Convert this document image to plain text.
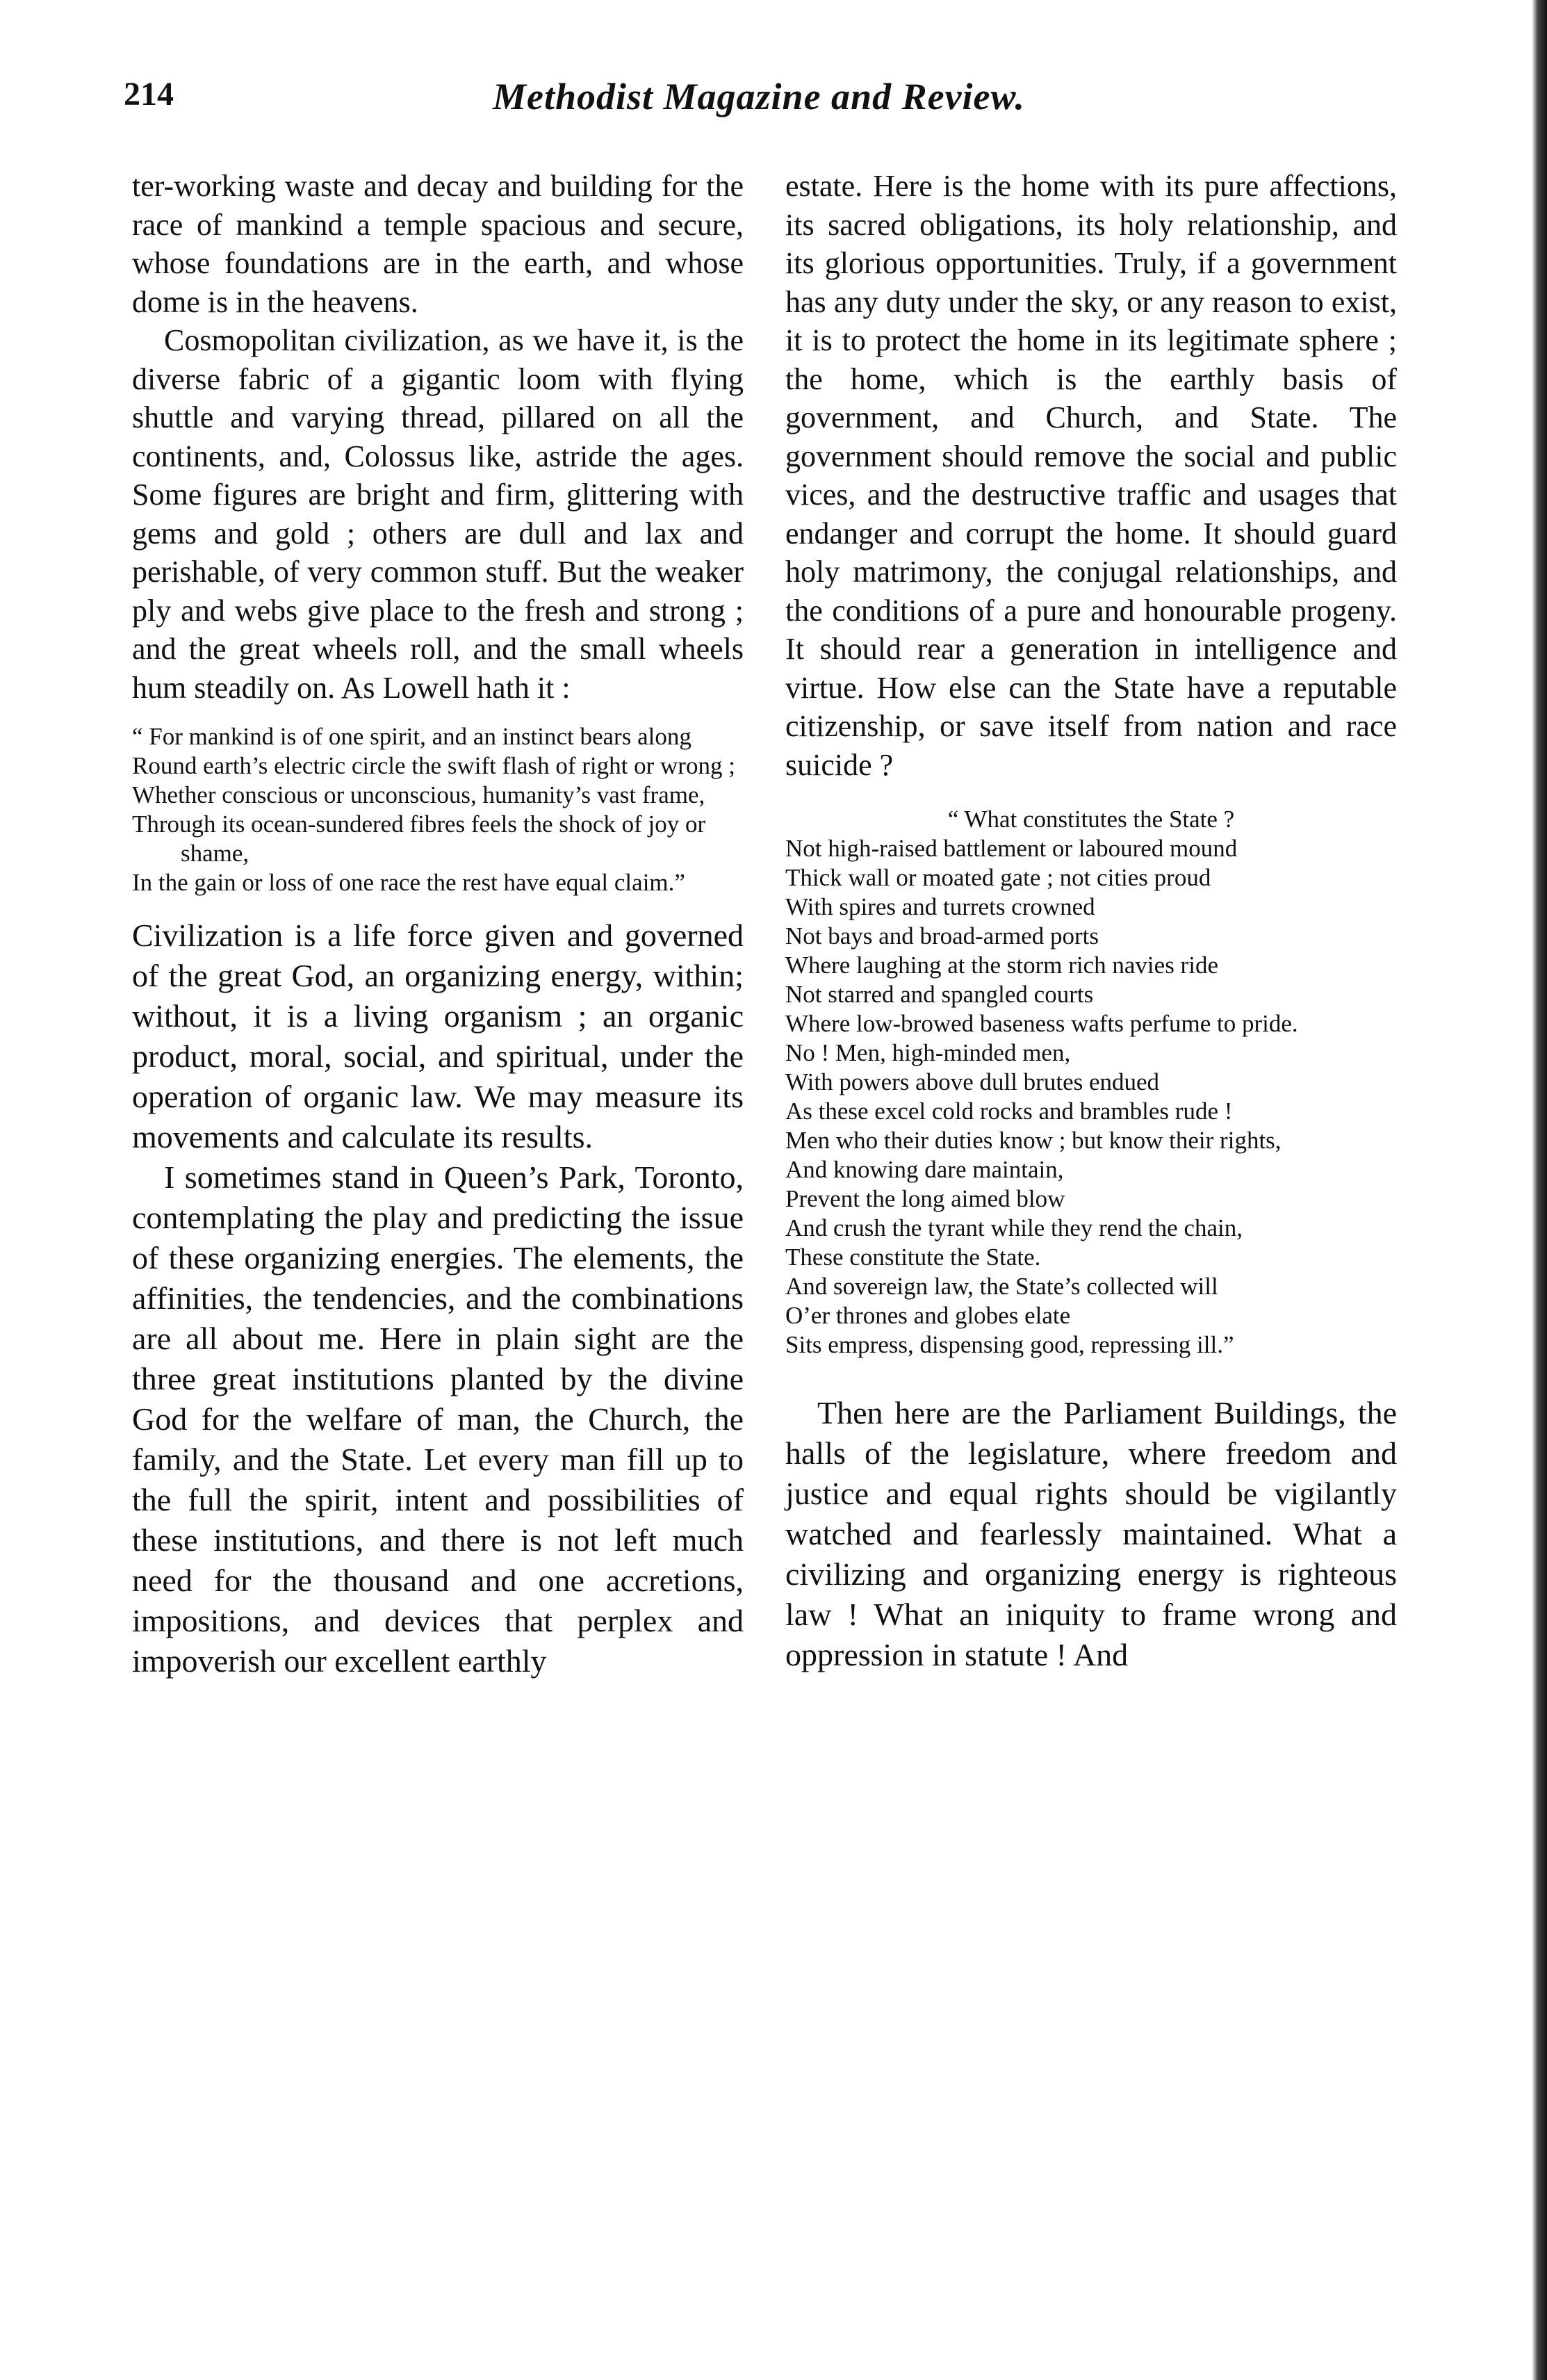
Methodist Magazine and Review.
214

ter-working waste and decay and building for the race of mankind a temple spacious and secure, whose foundations are in the earth, and whose dome is in the heavens.

Cosmopolitan civilization, as we have it, is the diverse fabric of a gigantic loom with flying shuttle and varying thread, pillared on all the continents, and, Colossus like, astride the ages. Some figures are bright and firm, glittering with gems and gold ; others are dull and lax and perishable, of very common stuff. But the weaker ply and webs give place to the fresh and strong ; and the great wheels roll, and the small wheels hum steadily on. As Lowell hath it :

“ For mankind is of one spirit, and an instinct bears along
Round earth’s electric circle the swift flash of right or wrong ;
Whether conscious or unconscious, humanity’s vast frame,
Through its ocean-sundered fibres feels the shock of joy or shame,
In the gain or loss of one race the rest have equal claim.”

Civilization is a life force given and governed of the great God, an organizing energy, within; without, it is a living organism ; an organic product, moral, social, and spiritual, under the operation of organic law. We may measure its movements and calculate its results.

I sometimes stand in Queen’s Park, Toronto, contemplating the play and predicting the issue of these organizing energies. The elements, the affinities, the tendencies, and the combinations are all about me. Here in plain sight are the three great institutions planted by the divine God for the welfare of man, the Church, the family, and the State. Let every man fill up to the full the spirit, intent and possibilities of these institutions, and there is not left much need for the thousand and one accretions, impositions, and devices that perplex and impoverish our excellent earthly

estate. Here is the home with its pure affections, its sacred obligations, its holy relationship, and its glorious opportunities. Truly, if a government has any duty under the sky, or any reason to exist, it is to protect the home in its legitimate sphere ; the home, which is the earthly basis of government, and Church, and State. The government should remove the social and public vices, and the destructive traffic and usages that endanger and corrupt the home. It should guard holy matrimony, the conjugal relationships, and the conditions of a pure and honourable progeny. It should rear a generation in intelligence and virtue. How else can the State have a reputable citizenship, or save itself from nation and race suicide ?

“ What constitutes the State ?
Not high-raised battlement or laboured mound
Thick wall or moated gate ; not cities proud
With spires and turrets crowned
Not bays and broad-armed ports
Where laughing at the storm rich navies ride
Not starred and spangled courts
Where low-browed baseness wafts perfume to pride.
No ! Men, high-minded men,
With powers above dull brutes endued
As these excel cold rocks and brambles rude !
Men who their duties know ; but know their rights,
And knowing dare maintain,
Prevent the long aimed blow
And crush the tyrant while they rend the chain,
These constitute the State.
And sovereign law, the State’s collected will
O’er thrones and globes elate
Sits empress, dispensing good, repressing ill.”

Then here are the Parliament Buildings, the halls of the legislature, where freedom and justice and equal rights should be vigilantly watched and fearlessly maintained. What a civilizing and organizing energy is righteous law ! What an iniquity to frame wrong and oppression in statute ! And
